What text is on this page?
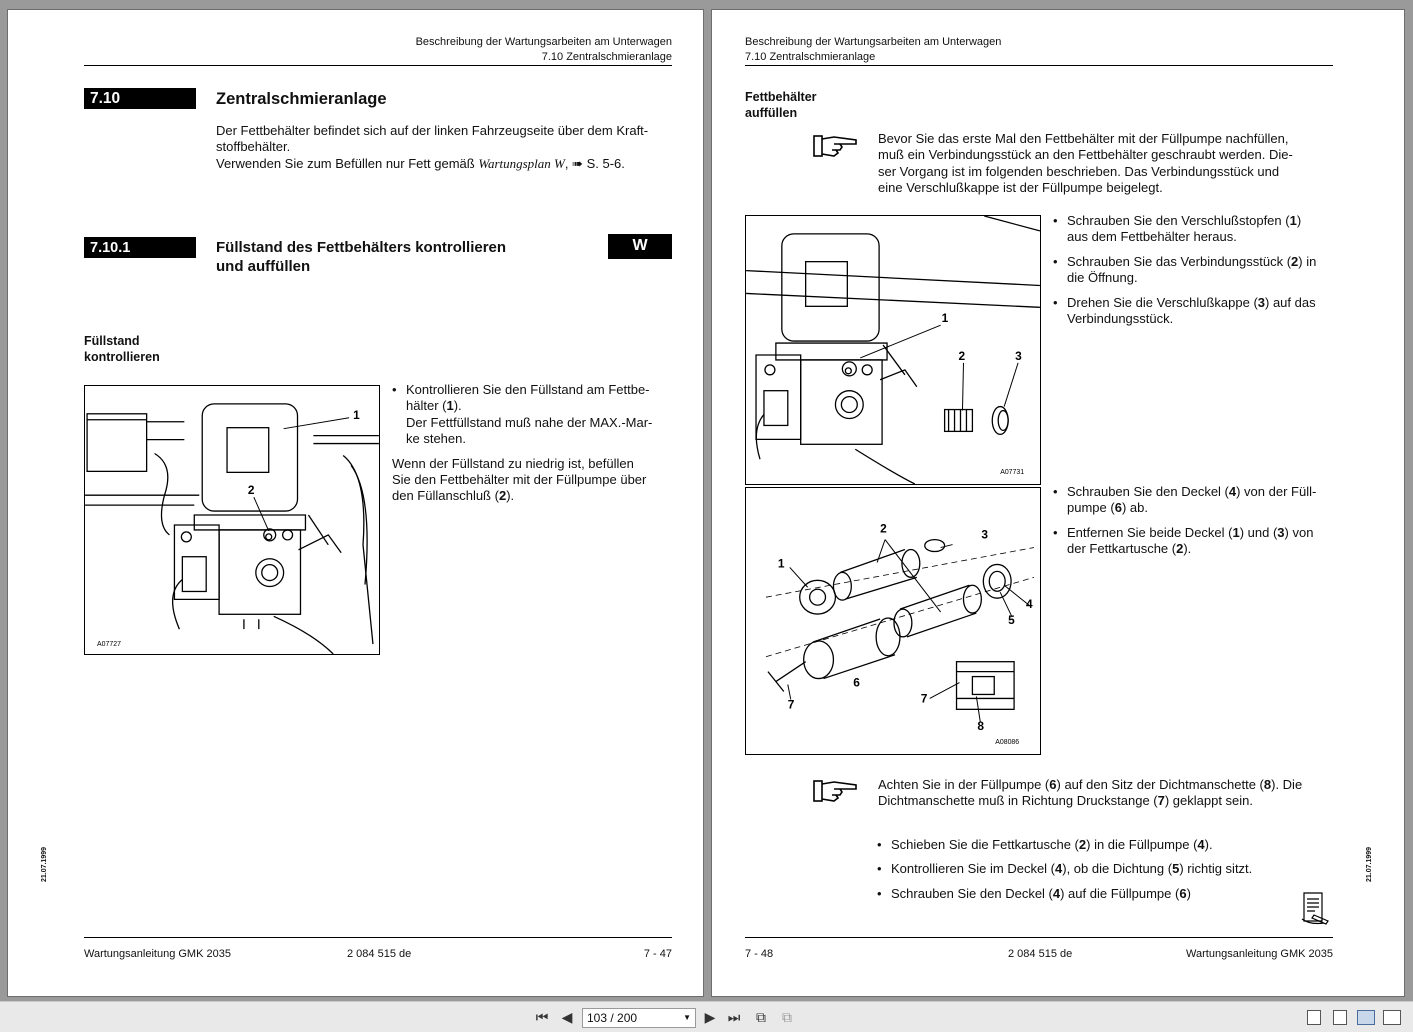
Beschreibung der Wartungsarbeiten am Unterwagen
7.10 Zentralschmieranlage
7.10	Zentralschmieranlage
Der Fettbehälter befindet sich auf der linken Fahrzeugseite über dem Kraft-
stoffbehälter.
Verwenden Sie zum Befüllen nur Fett gemäß Wartungsplan W, ➠ S. 5-6.
7.10.1	Füllstand des Fettbehälters kontrollieren
und auffüllen
W
Füllstand
kontrollieren
1
2
A07727
• Kontrollieren Sie den Füllstand am Fettbe-
hälter (1).
Der Fettfüllstand muß nahe der MAX.-Mar-
ke stehen.
Wenn der Füllstand zu niedrig ist, befüllen
Sie den Fettbehälter mit der Füllpumpe über
den Füllanschluß (2).
21.07.1999
Wartungsanleitung GMK 2035	2 084 515 de	7 - 47
Beschreibung der Wartungsarbeiten am Unterwagen
7.10 Zentralschmieranlage
Fettbehälter
auffüllen
Bevor Sie das erste Mal den Fettbehälter mit der Füllpumpe nachfüllen,
muß ein Verbindungsstück an den Fettbehälter geschraubt werden. Die-
ser Vorgang ist im folgenden beschrieben. Das Verbindungsstück und
eine Verschlußkappe ist der Füllpumpe beigelegt.
1
2	3
A07731
• Schrauben Sie den Verschlußstopfen (1)
aus dem Fettbehälter heraus.
• Schrauben Sie das Verbindungsstück (2) in
die Öffnung.
• Drehen Sie die Verschlußkappe (3) auf das
Verbindungsstück.
2	3
1
4
5
6
7	7
8
A08086
• Schrauben Sie den Deckel (4) von der Füll-
pumpe (6) ab.
• Entfernen Sie beide Deckel (1) und (3) von
der Fettkartusche (2).
Achten Sie in der Füllpumpe (6) auf den Sitz der Dichtmanschette (8). Die
Dichtmanschette muß in Richtung Druckstange (7) geklappt sein.
• Schieben Sie die Fettkartusche (2) in die Füllpumpe (4).
• Kontrollieren Sie im Deckel (4), ob die Dichtung (5) richtig sitzt.
• Schrauben Sie den Deckel (4) auf die Füllpumpe (6)
21.07.1999
7 - 48	2 084 515 de	Wartungsanleitung GMK 2035
⏮ ◀	103 / 200	▼ ▶ ⏭ ⧉ ⧉
